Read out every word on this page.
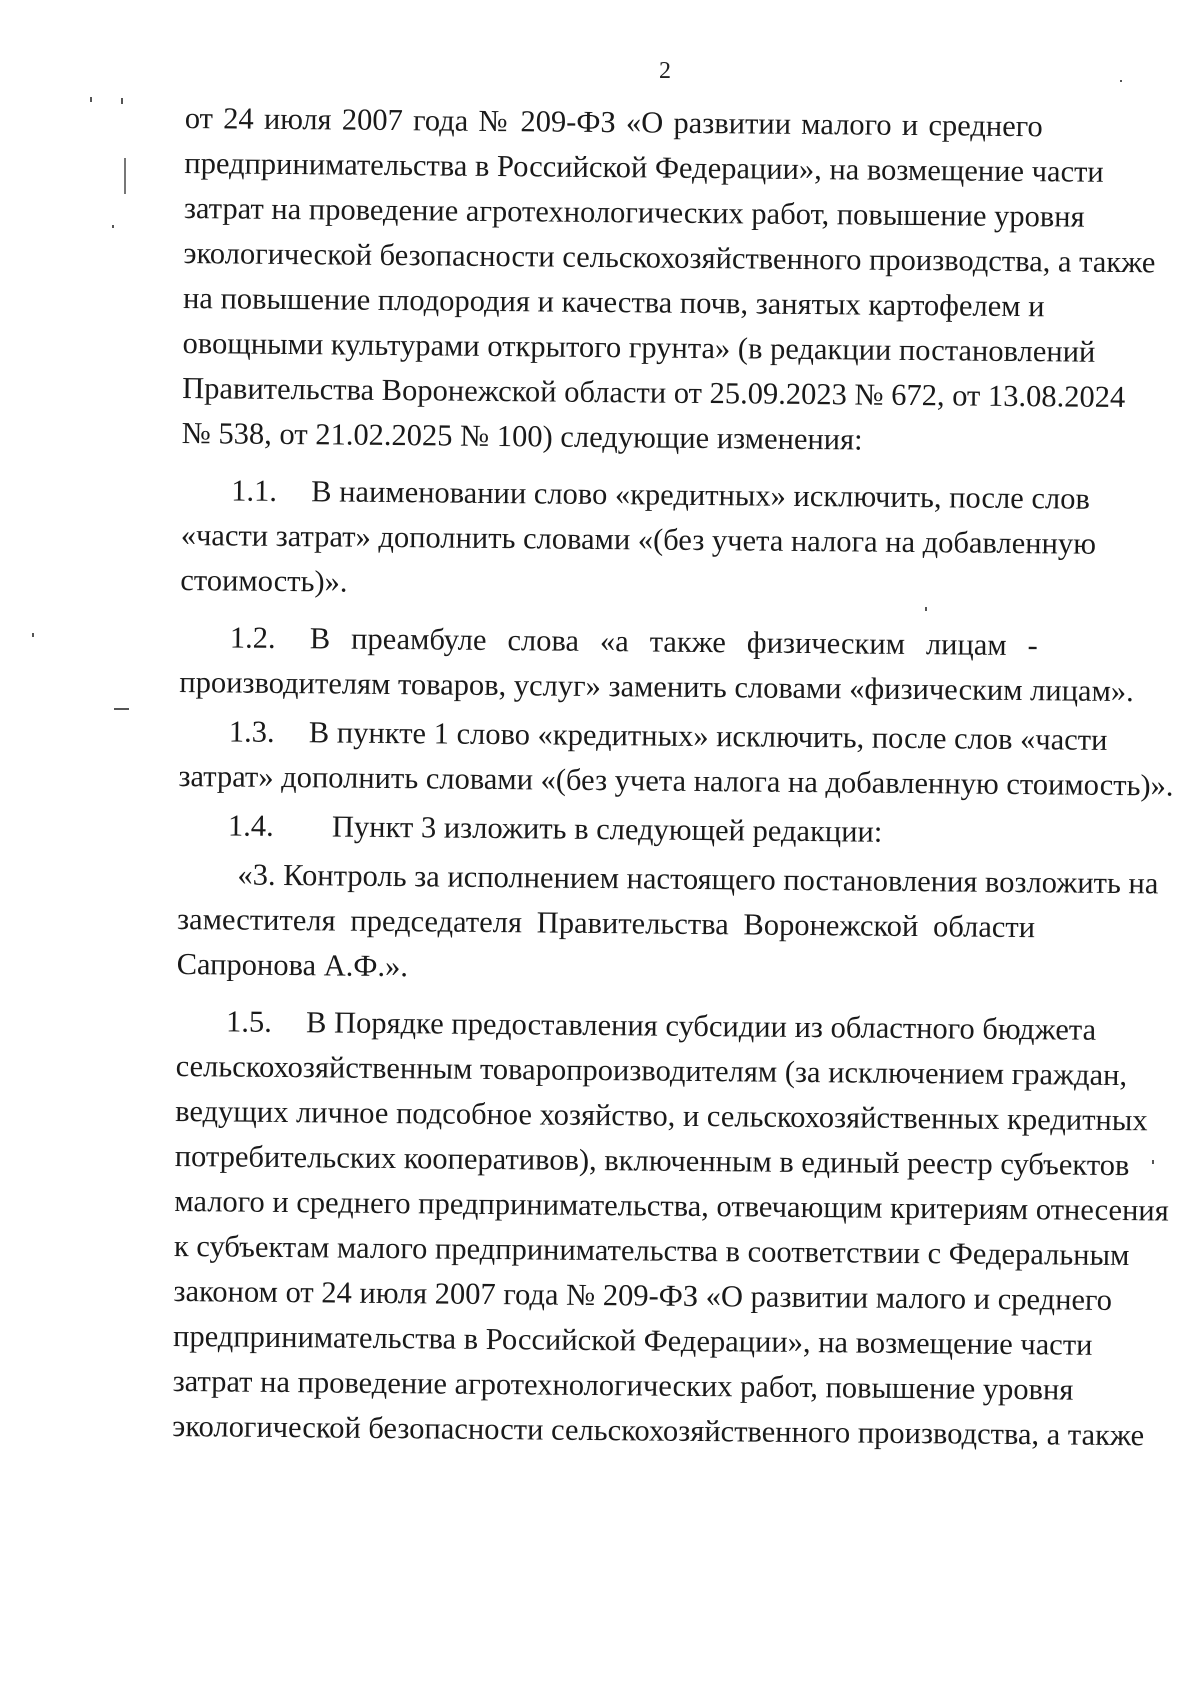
2
от 24 июля 2007 года № 209-ФЗ «О развитии малого и среднего
предпринимательства в Российской Федерации», на возмещение части
затрат на проведение агротехнологических работ, повышение уровня
экологической безопасности сельскохозяйственного производства, а также
на повышение плодородия и качества почв, занятых картофелем и
овощными культурами открытого грунта» (в редакции постановлений
Правительства Воронежской области от 25.09.2023 № 672, от 13.08.2024
№ 538, от 21.02.2025 № 100) следующие изменения:
1.1. В наименовании слово «кредитных» исключить, после слов
«части затрат» дополнить словами «(без учета налога на добавленную
стоимость)».
1.2. В преамбуле слова «а также физическим лицам -
производителям товаров, услуг» заменить словами «физическим лицам».
1.3. В пункте 1 слово «кредитных» исключить, после слов «части
затрат» дополнить словами «(без учета налога на добавленную стоимость)».
1.4. Пункт 3 изложить в следующей редакции:
«3. Контроль за исполнением настоящего постановления возложить на
заместителя председателя Правительства Воронежской области
Сапронова А.Ф.».
1.5. В Порядке предоставления субсидии из областного бюджета
сельскохозяйственным товаропроизводителям (за исключением граждан,
ведущих личное подсобное хозяйство, и сельскохозяйственных кредитных
потребительских кооперативов), включенным в единый реестр субъектов
малого и среднего предпринимательства, отвечающим критериям отнесения
к субъектам малого предпринимательства в соответствии с Федеральным
законом от 24 июля 2007 года № 209-ФЗ «О развитии малого и среднего
предпринимательства в Российской Федерации», на возмещение части
затрат на проведение агротехнологических работ, повышение уровня
экологической безопасности сельскохозяйственного производства, а также
